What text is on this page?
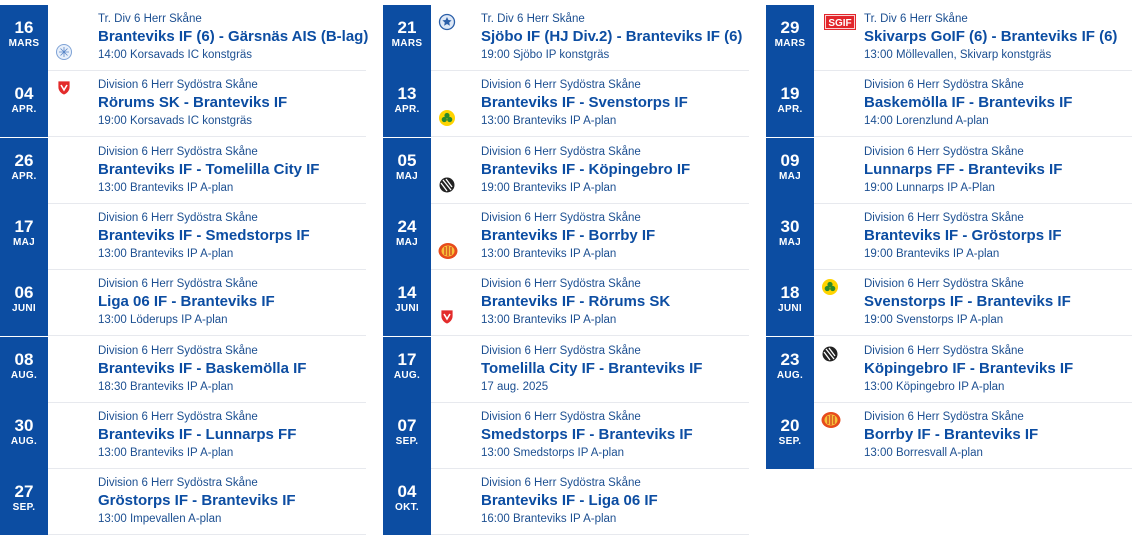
16
MARS
Tr. Div 6 Herr Skåne
Branteviks IF (6) - Gärsnäs AIS (B-lag)
14:00 Korsavads IC konstgräs
04
APR.
Division 6 Herr Sydöstra Skåne
Rörums SK - Branteviks IF
19:00 Korsavads IC konstgräs
26
APR.
Division 6 Herr Sydöstra Skåne
Branteviks IF - Tomelilla City IF
13:00 Branteviks IP A-plan
17
MAJ
Division 6 Herr Sydöstra Skåne
Branteviks IF - Smedstorps IF
13:00 Branteviks IP A-plan
06
JUNI
Division 6 Herr Sydöstra Skåne
Liga 06 IF - Branteviks IF
13:00 Löderups IP A-plan
08
AUG.
Division 6 Herr Sydöstra Skåne
Branteviks IF - Baskemölla IF
18:30 Branteviks IP A-plan
30
AUG.
Division 6 Herr Sydöstra Skåne
Branteviks IF - Lunnarps FF
13:00 Branteviks IP A-plan
27
SEP.
Division 6 Herr Sydöstra Skåne
Gröstorps IF - Branteviks IF
13:00 Impevallen A-plan
21
MARS
Tr. Div 6 Herr Skåne
Sjöbo IF (HJ Div.2) - Branteviks IF (6)
19:00 Sjöbo IP konstgräs
13
APR.
Division 6 Herr Sydöstra Skåne
Branteviks IF - Svenstorps IF
13:00 Branteviks IP A-plan
05
MAJ
Division 6 Herr Sydöstra Skåne
Branteviks IF - Köpingebro IF
19:00 Branteviks IP A-plan
24
MAJ
Division 6 Herr Sydöstra Skåne
Branteviks IF - Borrby IF
13:00 Branteviks IP A-plan
14
JUNI
Division 6 Herr Sydöstra Skåne
Branteviks IF - Rörums SK
13:00 Branteviks IP A-plan
17
AUG.
Division 6 Herr Sydöstra Skåne
Tomelilla City IF - Branteviks IF
17 aug. 2025
07
SEP.
Division 6 Herr Sydöstra Skåne
Smedstorps IF - Branteviks IF
13:00 Smedstorps IP A-plan
04
OKT.
Division 6 Herr Sydöstra Skåne
Branteviks IF - Liga 06 IF
16:00 Branteviks IP A-plan
29
MARS
SGIF Tr. Div 6 Herr Skåne
Skivarps GoIF (6) - Branteviks IF (6)
13:00 Möllevallen, Skivarp konstgräs
19
APR.
Division 6 Herr Sydöstra Skåne
Baskemölla IF - Branteviks IF
14:00 Lorenzlund A-plan
09
MAJ
Division 6 Herr Sydöstra Skåne
Lunnarps FF - Branteviks IF
19:00 Lunnarps IP A-Plan
30
MAJ
Division 6 Herr Sydöstra Skåne
Branteviks IF - Gröstorps IF
19:00 Branteviks IP A-plan
18
JUNI
Division 6 Herr Sydöstra Skåne
Svenstorps IF - Branteviks IF
19:00 Svenstorps IP A-plan
23
AUG.
Division 6 Herr Sydöstra Skåne
Köpingebro IF - Branteviks IF
13:00 Köpingebro IP A-plan
20
SEP.
Division 6 Herr Sydöstra Skåne
Borrby IF - Branteviks IF
13:00 Borresvall A-plan
